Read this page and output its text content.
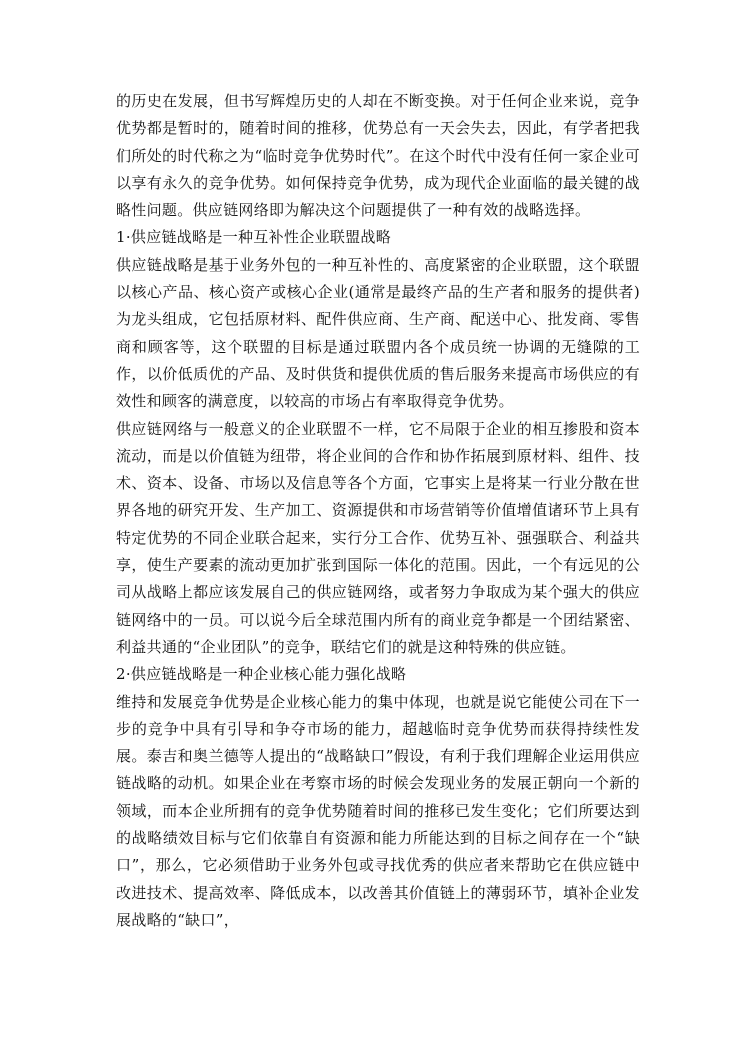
的历史在发展，但书写辉煌历史的人却在不断变换。对于任何企业来说，竞争优势都是暂时的，随着时间的推移，优势总有一天会失去，因此，有学者把我们所处的时代称之为“临时竞争优势时代”。在这个时代中没有任何一家企业可以享有永久的竞争优势。如何保持竞争优势，成为现代企业面临的最关键的战略性问题。供应链网络即为解决这个问题提供了一种有效的战略选择。

1·供应链战略是一种互补性企业联盟战略

供应链战略是基于业务外包的一种互补性的、高度紧密的企业联盟，这个联盟以核心产品、核心资产或核心企业(通常是最终产品的生产者和服务的提供者)为龙头组成，它包括原材料、配件供应商、生产商、配送中心、批发商、零售商和顾客等，这个联盟的目标是通过联盟内各个成员统一协调的无缝隙的工作，以价低质优的产品、及时供货和提供优质的售后服务来提高市场供应的有效性和顾客的满意度，以较高的市场占有率取得竞争优势。

供应链网络与一般意义的企业联盟不一样，它不局限于企业的相互掺股和资本流动，而是以价值链为纽带，将企业间的合作和协作拓展到原材料、组件、技术、资本、设备、市场以及信息等各个方面，它事实上是将某一行业分散在世界各地的研究开发、生产加工、资源提供和市场营销等价值增值诸环节上具有特定优势的不同企业联合起来，实行分工合作、优势互补、强强联合、利益共享，使生产要素的流动更加扩张到国际一体化的范围。因此，一个有远见的公司从战略上都应该发展自己的供应链网络，或者努力争取成为某个强大的供应链网络中的一员。可以说今后全球范围内所有的商业竞争都是一个团结紧密、利益共通的“企业团队”的竞争，联结它们的就是这种特殊的供应链。

2·供应链战略是一种企业核心能力强化战略

维持和发展竞争优势是企业核心能力的集中体现，也就是说它能使公司在下一步的竞争中具有引导和争夺市场的能力，超越临时竞争优势而获得持续性发展。泰吉和奥兰德等人提出的“战略缺口”假设，有利于我们理解企业运用供应链战略的动机。如果企业在考察市场的时候会发现业务的发展正朝向一个新的领域，而本企业所拥有的竞争优势随着时间的推移已发生变化；它们所要达到的战略绩效目标与它们依靠自有资源和能力所能达到的目标之间存在一个“缺口”，那么，它必须借助于业务外包或寻找优秀的供应者来帮助它在供应链中改进技术、提高效率、降低成本，以改善其价值链上的薄弱环节，填补企业发展战略的“缺口”，
